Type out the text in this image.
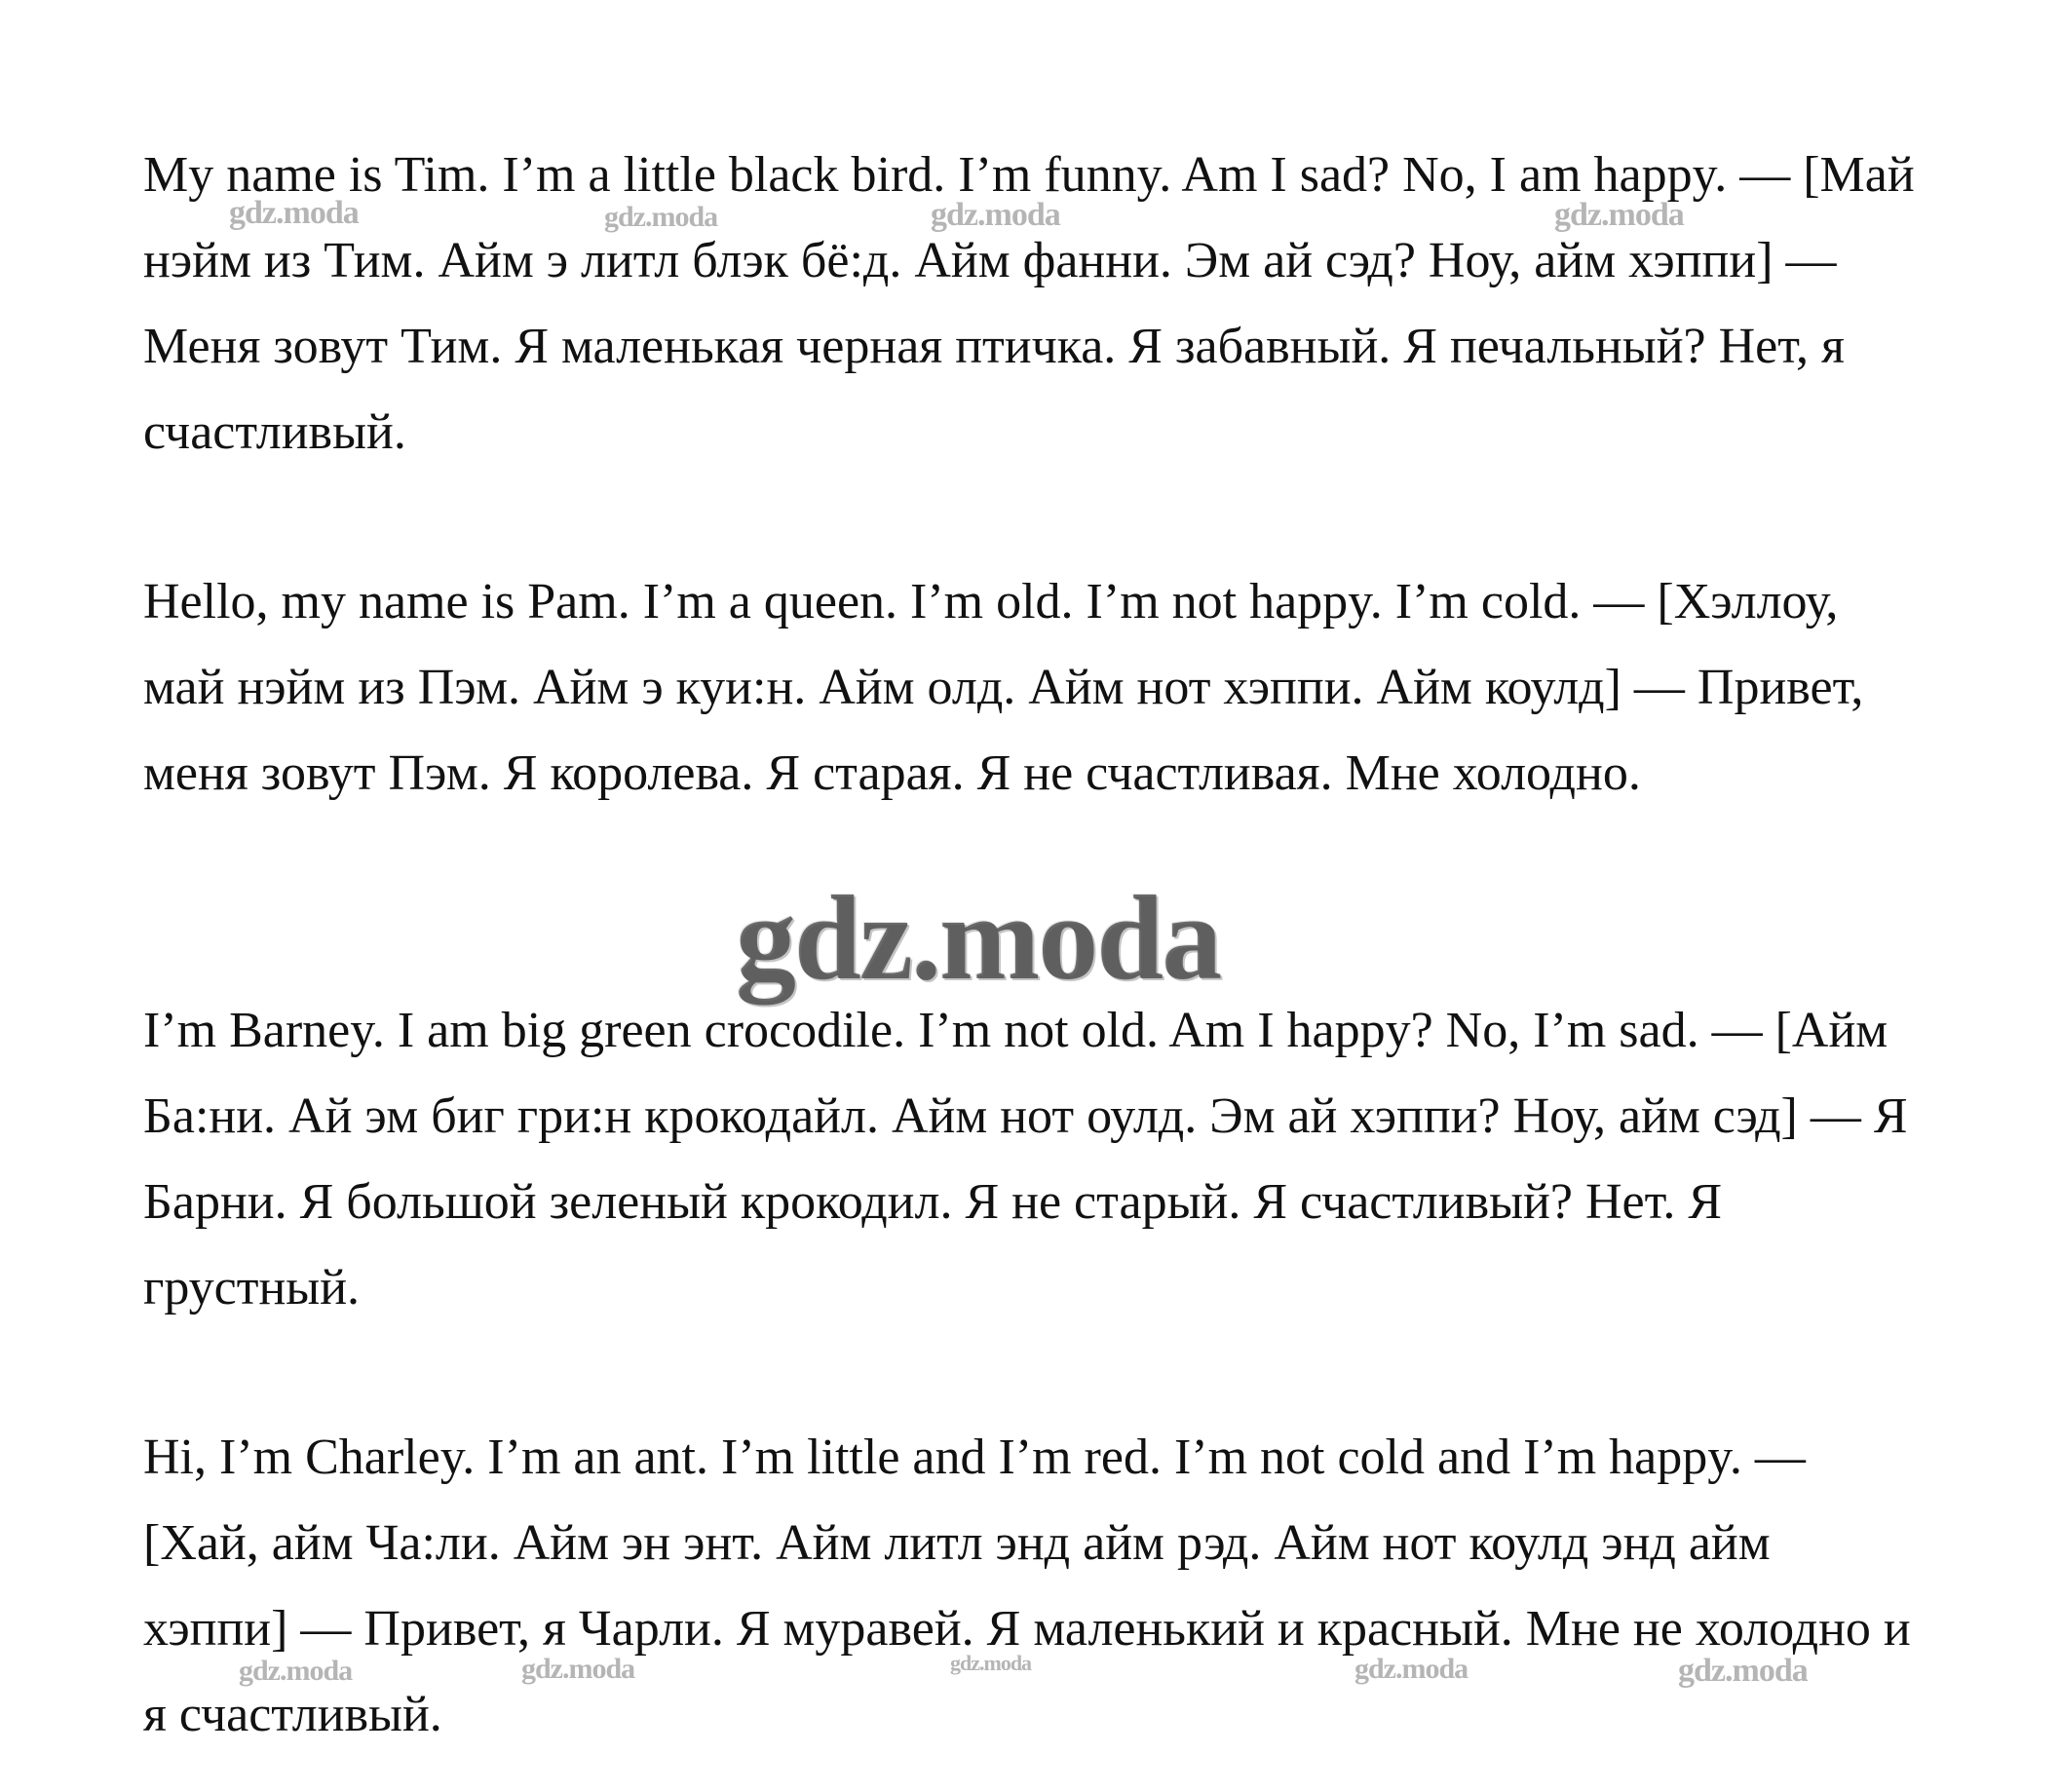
My name is Tim. I’m a little black bird. I’m funny. Am I sad? No, I am happy. — [Май нэйм из Тим. Айм э литл блэк бё:д. Айм фанни. Эм ай сэд? Ноу, айм хэппи] — Меня зовут Тим. Я маленькая черная птичка. Я забавный. Я печальный? Нет, я счастливый.

Hello, my name is Pam. I’m a queen. I’m old. I’m not happy. I’m cold. — [Хэллоу, май нэйм из Пэм. Айм э куи:н. Айм олд. Айм нот хэппи. Айм коулд] — Привет, меня зовут Пэм. Я королева. Я старая. Я не счастливая. Мне холодно.

I’m Barney. I am big green crocodile. I’m not old. Am I happy? No, I’m sad. — [Айм Ба:ни. Ай эм биг гри:н крокодайл. Айм нот оулд. Эм ай хэппи? Ноу, айм сэд] — Я Барни. Я большой зеленый крокодил. Я не старый. Я счастливый? Нет. Я грустный.

Hi, I’m Charley. I’m an ant. I’m little and I’m red. I’m not cold and I’m happy. — [Хай, айм Ча:ли. Айм эн энт. Айм литл энд айм рэд. Айм нот коулд энд айм хэппи] — Привет, я Чарли. Я муравей. Я маленький и красный. Мне не холодно и я счастливый.

gdz.moda	gdz.moda	gdz.moda	gdz.moda
gdz.moda
gdz.moda	gdz.moda	gdz.moda	gdz.moda	gdz.moda
